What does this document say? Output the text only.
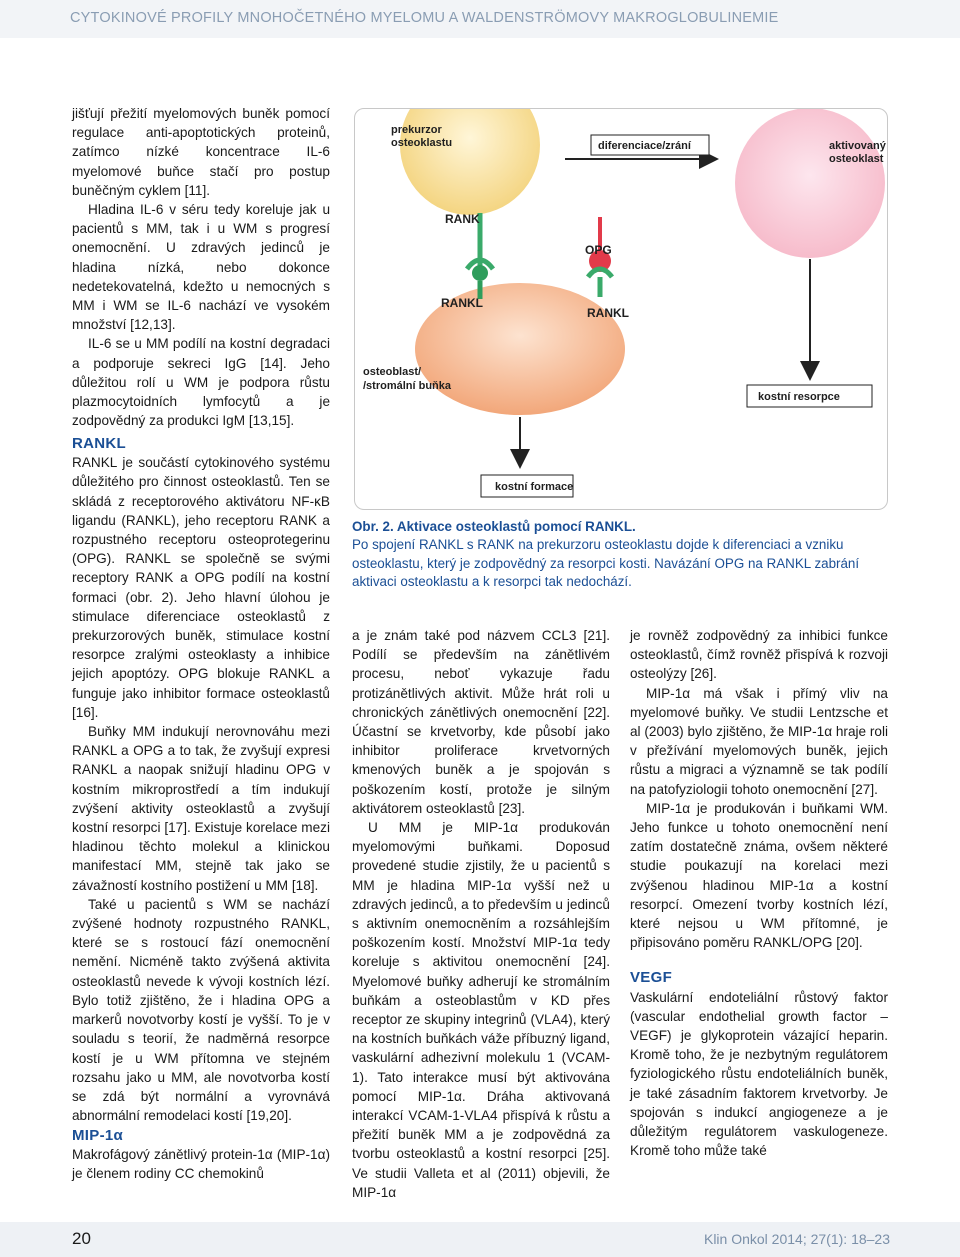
CYTOKINOVÉ PROFILY MNOHOČETNÉHO MYELOMU A WALDENSTRÖMOVY MAKROGLOBULINEMIE

jišťují přežití myelomových buněk pomocí regulace anti-apoptotických proteinů, zatímco nízké koncentrace IL-6 myelomové buňce stačí pro postup buněčným cyklem [11].

Hladina IL-6 v séru tedy koreluje jak u pacientů s MM, tak i u WM s progresí onemocnění. U zdravých jedinců je hladina nízká, nebo dokonce nedetekovatelná, kdežto u nemocných s MM i WM se IL-6 nachází ve vysokém množství [12,13].

IL-6 se u MM podílí na kostní degradaci a podporuje sekreci IgG [14]. Jeho důležitou rolí u WM je podpora růstu plazmocytoidních lymfocytů a je zodpovědný za produkci IgM [13,15].

RANKL

RANKL je součástí cytokinového systému důležitého pro činnost osteoklastů. Ten se skládá z receptorového aktivátoru NF-κB ligandu (RANKL), jeho receptoru RANK a rozpustného receptoru osteoprotegerinu (OPG). RANKL se společně se svými receptory RANK a OPG podílí na kostní formaci (obr. 2). Jeho hlavní úlohou je stimulace diferenciace osteoklastů z prekurzorových buněk, stimulace kostní resorpce zralými osteoklasty a inhibice jejich apoptózy. OPG blokuje RANKL a funguje jako inhibitor formace osteoklastů [16].

Buňky MM indukují nerovnováhu mezi RANKL a OPG a to tak, že zvyšují expresi RANKL a naopak snižují hladinu OPG v kostním mikroprostředí a tím indukují zvýšení aktivity osteoklastů a zvyšují kostní resorpci [17]. Existuje korelace mezi hladinou těchto molekul a klinickou manifestací MM, stejně tak jako se závažností kostního postižení u MM [18].

Také u pacientů s WM se nachází zvýšené hodnoty rozpustného RANKL, které se s rostoucí fází onemocnění nemění. Nicméně takto zvýšená aktivita osteoklastů nevede k vývoji kostních lézí. Bylo totiž zjištěno, že i hladina OPG a markerů novotvorby kostí je vyšší. To je v souladu s teorií, že nadměrná resorpce kostí je u WM přítomna ve stejném rozsahu jako u MM, ale novotvorba kostí se zdá být normální a vyrovnává abnormální remodelaci kostí [19,20].

MIP-1α

Makrofágový zánětlivý protein-1α (MIP-1α) je členem rodiny CC chemokinů

diferenciace/zrání
kostní resorpce
kostní formace
prekurzor
osteoklastu	aktivovaný
osteoklast
RANK
OPG
RANKL
RANKL
osteoblast/
/stromální buňka

Obr. 2. Aktivace osteoklastů pomocí RANKL.

Po spojení RANKL s RANK na prekurzoru osteoklastu dojde k diferenciaci a vzniku osteoklastu, který je zodpovědný za resorpci kosti. Navázání OPG na RANKL zabrání aktivaci osteoklastu a k resorpci tak nedochází.

a je znám také pod názvem CCL3 [21]. Podílí se především na zánětlivém procesu, neboť vykazuje řadu protizánětlivých aktivit. Může hrát roli u chronických zánětlivých onemocnění [22]. Účastní se krvetvorby, kde působí jako inhibitor proliferace krvetvorných kmenových buněk a je spojován s poškozením kostí, protože je silným aktivátorem osteoklastů [23].

U MM je MIP-1α produkován myelomovými buňkami. Doposud provedené studie zjistily, že u pacientů s MM je hladina MIP-1α vyšší než u zdravých jedinců, a to především u jedinců s aktivním onemocněním a rozsáhlejším poškozením kostí. Množství MIP-1α tedy koreluje s aktivitou onemocnění [24]. Myelomové buňky adherují ke stromálním buňkám a osteoblastům v KD přes receptor ze skupiny integrinů (VLA4), který na kostních buňkách váže příbuzný ligand, vaskulární adhezivní molekulu 1 (VCAM-1). Tato interakce musí být aktivována pomocí MIP-1α. Dráha aktivovaná interakcí VCAM-1-VLA4 přispívá k růstu a přežití buněk MM a je zodpovědná za tvorbu osteoklastů a kostní resorpci [25]. Ve studii Valleta et al (2011) objevili, že MIP-1α

je rovněž zodpovědný za inhibici funkce osteoklastů, čímž rovněž přispívá k rozvoji osteolýzy [26].

MIP-1α má však i přímý vliv na myelomové buňky. Ve studii Lentzsche et al (2003) bylo zjištěno, že MIP-1α hraje roli v přežívání myelomových buněk, jejich růstu a migraci a významně se tak podílí na patofyziologii tohoto onemocnění [27].

MIP-1α je produkován i buňkami WM. Jeho funkce u tohoto onemocnění není zatím dostatečně známa, ovšem některé studie poukazují na korelaci mezi zvýšenou hladinou MIP-1α a kostní resorpcí. Omezení tvorby kostních lézí, které nejsou u WM přítomné, je připisováno poměru RANKL/OPG [20].

VEGF

Vaskulární endoteliální růstový faktor (vascular endothelial growth factor – VEGF) je glykoprotein vázající heparin. Kromě toho, že je nezbytným regulátorem fyziologického růstu endoteliálních buněk, je také zásadním faktorem krvetvorby. Je spojován s indukcí angiogeneze a je důležitým regulátorem vaskulogeneze. Kromě toho může také

20	Klin Onkol 2014; 27(1): 18–23
